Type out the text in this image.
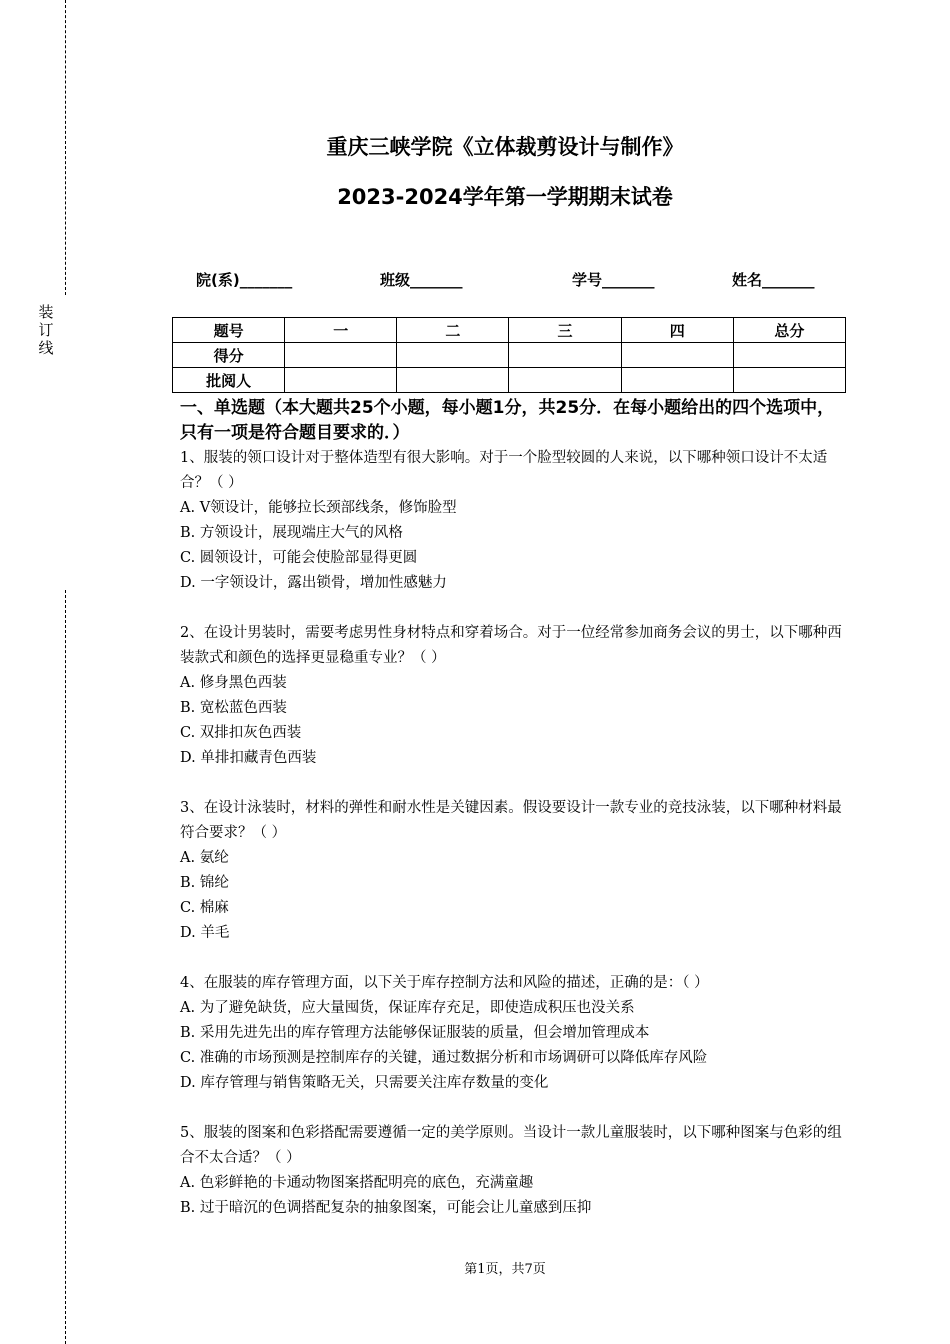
装订线
重庆三峡学院《立体裁剪设计与制作》
2023-2024学年第一学期期末试卷
院(系)_______	班级_______	学号_______	姓名_______
题号	一	二	三	四	总分
得分					
批阅人					
一、单选题（本大题共25个小题，每小题1分，共25分．在每小题给出的四个选项中，只有一项是符合题目要求的．）

1、服装的领口设计对于整体造型有很大影响。对于一个脸型较圆的人来说，以下哪种领口设计不太适合？（ ）

A. V领设计，能够拉长颈部线条，修饰脸型

B. 方领设计，展现端庄大气的风格

C. 圆领设计，可能会使脸部显得更圆

D. 一字领设计，露出锁骨，增加性感魅力

2、在设计男装时，需要考虑男性身材特点和穿着场合。对于一位经常参加商务会议的男士，以下哪种西装款式和颜色的选择更显稳重专业？（ ）

A. 修身黑色西装

B. 宽松蓝色西装

C. 双排扣灰色西装

D. 单排扣藏青色西装

3、在设计泳装时，材料的弹性和耐水性是关键因素。假设要设计一款专业的竞技泳装，以下哪种材料最符合要求？（ ）

A. 氨纶

B. 锦纶

C. 棉麻

D. 羊毛

4、在服装的库存管理方面，以下关于库存控制方法和风险的描述，正确的是：（ ）

A. 为了避免缺货，应大量囤货，保证库存充足，即使造成积压也没关系

B. 采用先进先出的库存管理方法能够保证服装的质量，但会增加管理成本

C. 准确的市场预测是控制库存的关键，通过数据分析和市场调研可以降低库存风险

D. 库存管理与销售策略无关，只需要关注库存数量的变化

5、服装的图案和色彩搭配需要遵循一定的美学原则。当设计一款儿童服装时，以下哪种图案与色彩的组合不太合适？（ ）

A. 色彩鲜艳的卡通动物图案搭配明亮的底色，充满童趣

B. 过于暗沉的色调搭配复杂的抽象图案，可能会让儿童感到压抑

第1页，共7页
